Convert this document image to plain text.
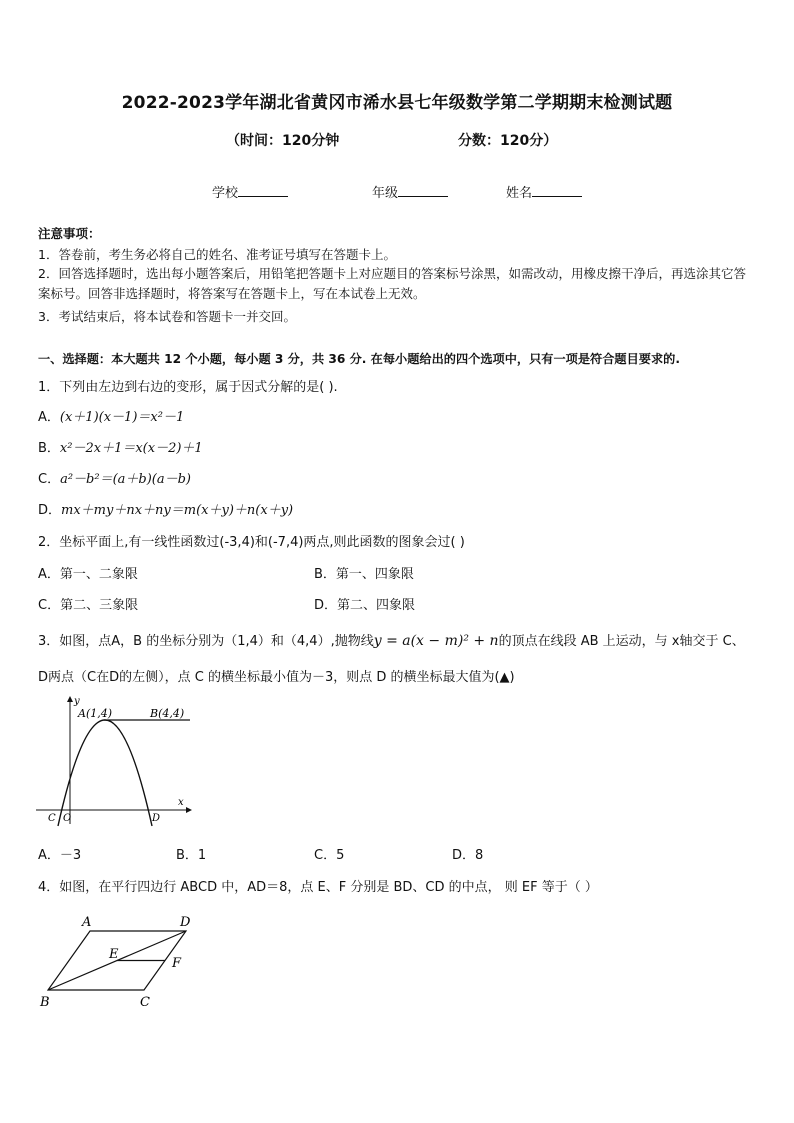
2022-2023学年湖北省黄冈市浠水县七年级数学第二学期期末检测试题
（时间：120分钟	分数：120分）
学校	年级	姓名
注意事项：
1．答卷前，考生务必将自己的姓名、准考证号填写在答题卡上。
2．回答选择题时，选出每小题答案后，用铅笔把答题卡上对应题目的答案标号涂黑，如需改动，用橡皮擦干净后，再选涂其它答案标号。回答非选择题时，将答案写在答题卡上，写在本试卷上无效。
3．考试结束后，将本试卷和答题卡一并交回。
一、选择题：本大题共 12 个小题，每小题 3 分，共 36 分. 在每小题给出的四个选项中，只有一项是符合题目要求的.
1．下列由左边到右边的变形，属于因式分解的是( ).
A．(x＋1)(x－1)＝x²－1
B．x²－2x＋1＝x(x－2)＋1
C．a²－b²＝(a＋b)(a－b)
D．mx＋my＋nx＋ny＝m(x＋y)＋n(x＋y)
2．坐标平面上,有一线性函数过(-3,4)和(-7,4)两点,则此函数的图象会过( )
A．第一、二象限	B．第一、四象限
C．第二、三象限	D．第二、四象限
3．如图，点A，B 的坐标分别为（1,4）和（4,4）,抛物线y = a(x − m)² + n的顶点在线段 AB 上运动，与 x轴交于 C、
D两点（C在D的左侧），点 C 的横坐标最小值为－3，则点 D 的横坐标最大值为(▲)
A(1,4)	B(4,4)
C O	D
x
y
A．－3	B．1	C．5	D．8
4．如图，在平行四边行 ABCD 中，AD＝8，点 E、F 分别是 BD、CD 的中点， 则 EF 等于（ ）
A	D
B	C
E
F
